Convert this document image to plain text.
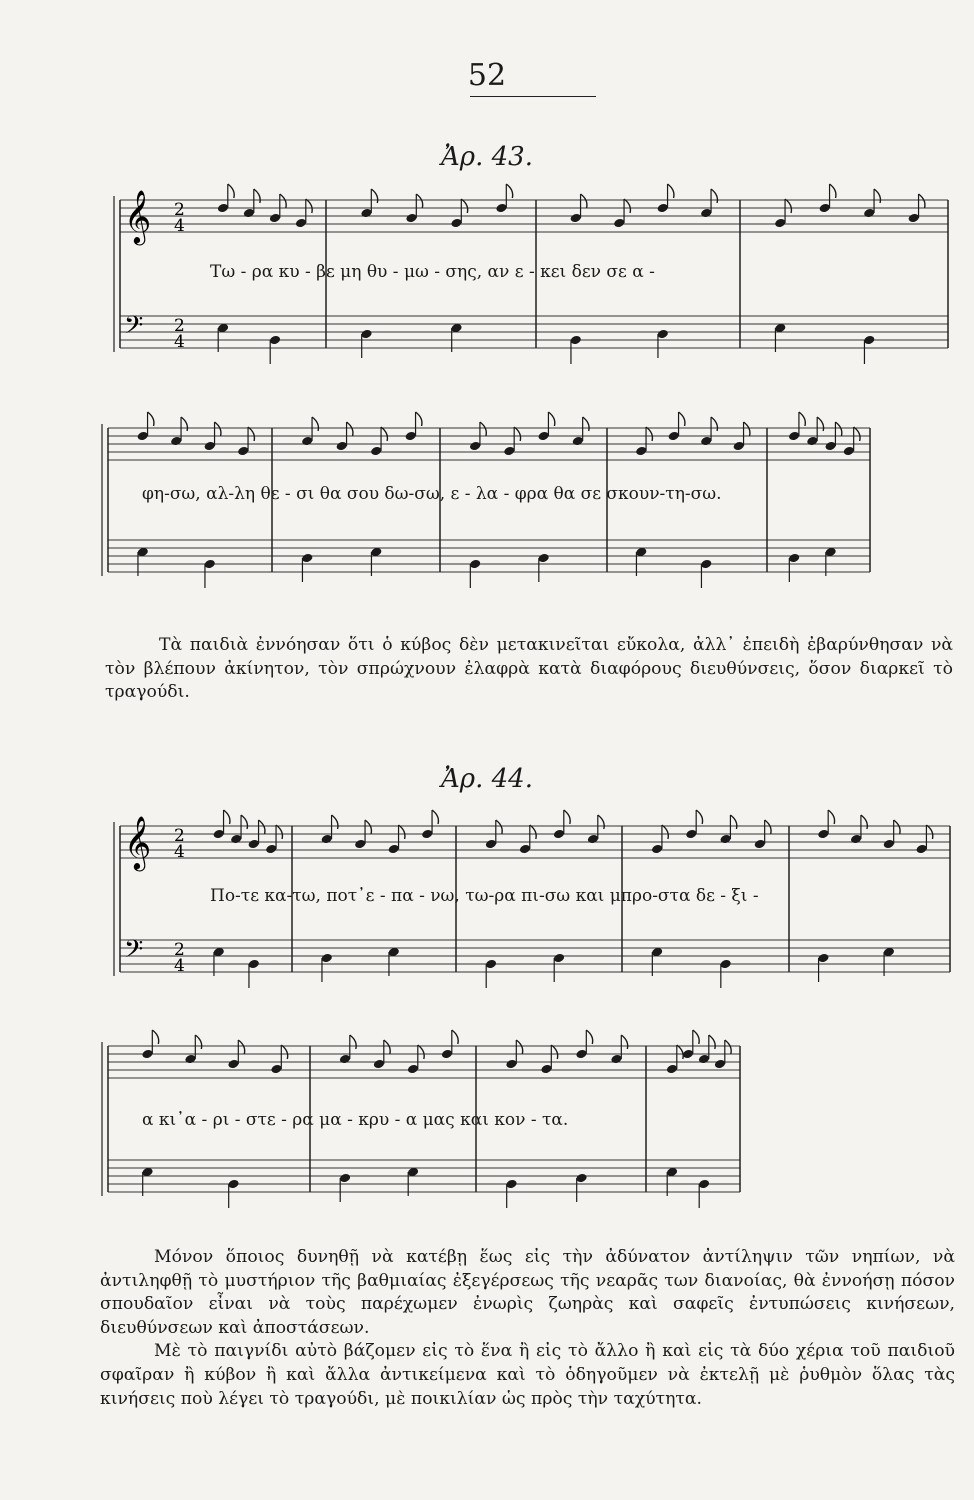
52
Ἀρ. 43.
Τω - ρα κυ - βε μη θυ - μω - σης, αν ε - κει δεν σε α -
φη-σω, αλ-λη θε - σι θα σου δω-σω, ε - λα - φρα θα σε σκουν-τη-σω.

Τὰ παιδιὰ ἐννόησαν ὅτι ὁ κύβος δὲν μετακινεῖται εὔκολα, ἀλλ᾽ ἐπειδὴ ἐβαρύνθησαν νὰ τὸν βλέπουν ἀκίνητον, τὸν σπρώχνουν ἐλαφρὰ κατὰ διαφόρους διευθύνσεις, ὅσον διαρκεῖ τὸ τραγούδι.

Ἀρ. 44.
Πο-τε κα-τω, ποτ᾽ε - πα - νω, τω-ρα πι-σω και μπρο-στα δε - ξι -
α κι᾽α - ρι - στε - ρα μα - κρυ - α μας και κον - τα.

Μόνον ὅποιος δυνηθῇ νὰ κατέβῃ ἕως εἰς τὴν ἀδύνατον ἀντίληψιν τῶν νηπίων, νὰ ἀντιληφθῇ τὸ μυστήριον τῆς βαθμιαίας ἐξεγέρσεως τῆς νεαρᾶς των διανοίας, θὰ ἐννοήσῃ πόσον σπουδαῖον εἶναι νὰ τοὺς παρέχωμεν ἐνωρὶς ζωηρὰς καὶ σαφεῖς ἐντυπώσεις κινήσεων, διευθύνσεων καὶ ἀποστάσεων.

Μὲ τὸ παιγνίδι αὐτὸ βάζομεν εἰς τὸ ἕνα ἢ εἰς τὸ ἄλλο ἢ καὶ εἰς τὰ δύο χέρια τοῦ παιδιοῦ σφαῖραν ἢ κύβον ἢ καὶ ἄλλα ἀντικείμενα καὶ τὸ ὁδηγοῦμεν νὰ ἐκτελῇ μὲ ῥυθμὸν ὅλας τὰς κινήσεις ποὺ λέγει τὸ τραγούδι, μὲ ποικιλίαν ὡς πρὸς τὴν ταχύτητα.

𝄞
𝄢
2
4
2
4
𝄞
𝄢
2
4
2
4
